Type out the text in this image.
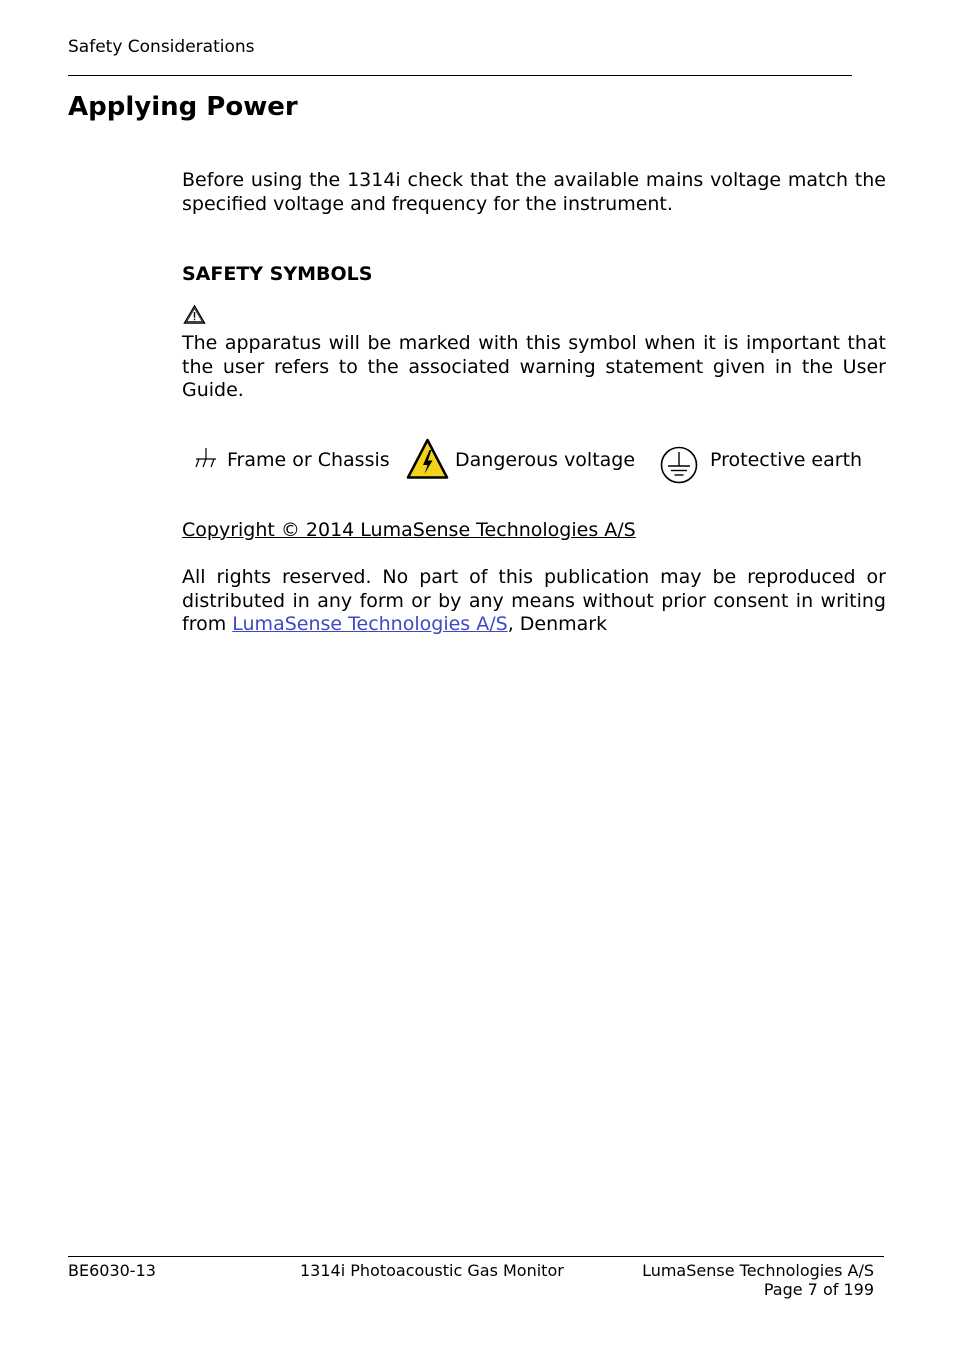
Safety Considerations
Applying Power

Before using the 1314i check that the available mains voltage match the specified voltage and frequency for the instrument.

SAFETY SYMBOLS

The apparatus will be marked with this symbol when it is important that the user refers to the associated warning statement given in the User Guide.

Frame or Chassis	Dangerous voltage	Protective earth
Copyright © 2014 LumaSense Technologies A/S

All rights reserved. No part of this publication may be reproduced or distributed in any form or by any means without prior consent in writing from LumaSense Technologies A/S, Denmark

BE6030-13	1314i Photoacoustic Gas Monitor	LumaSense Technologies A/S
Page 7 of 199
